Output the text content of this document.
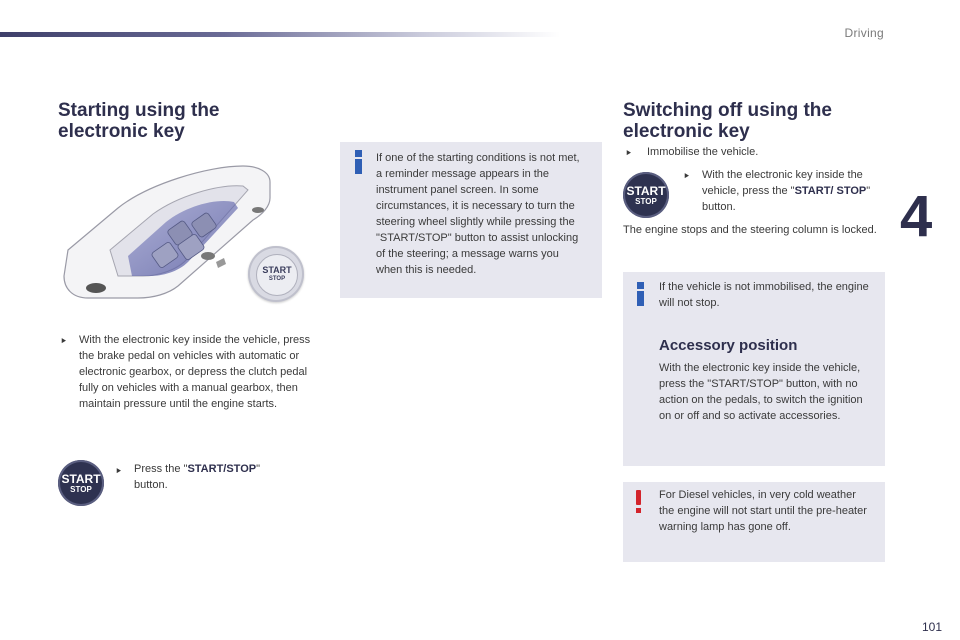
Driving
4
Starting using the
electronic key
START
STOP
⯈ With the electronic key inside the vehicle, press the brake pedal on vehicles with automatic or electronic gearbox, or depress the clutch pedal fully on vehicles with a manual gearbox, then maintain pressure until the engine starts.
START
STOP
⯈ Press the "START/STOP" button.
If one of the starting conditions is not met, a reminder message appears in the instrument panel screen. In some circumstances, it is necessary to turn the steering wheel slightly while pressing the "START/STOP" button to assist unlocking of the steering; a message warns you when this is needed.
Switching off using the
electronic key
⯈ Immobilise the vehicle.
START
STOP
⯈ With the electronic key inside the vehicle, press the "START/ STOP" button.
The engine stops and the steering column is locked.
If the vehicle is not immobilised, the engine will not stop.
Accessory position
With the electronic key inside the vehicle, press the "START/STOP" button, with no action on the pedals, to switch the ignition on or off and so activate accessories.
For Diesel vehicles, in very cold weather the engine will not start until the pre-heater warning lamp has gone off.
101
